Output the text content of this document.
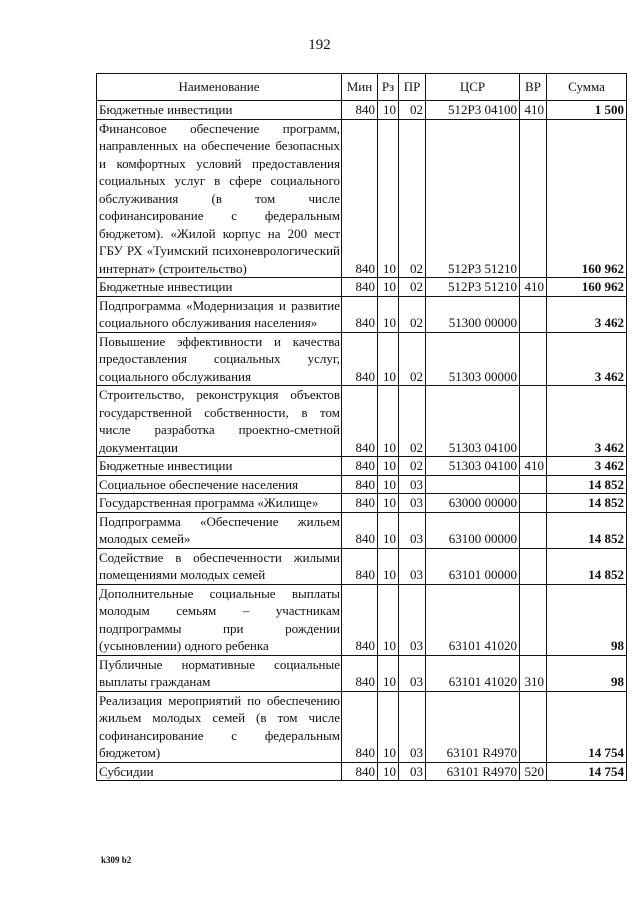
192
Наименование	Мин	Рз	ПР	ЦСР	ВР	Сумма
Бюджетные инвестиции	840	10	02	512P3 04100	410	1 500
Финансовое обеспечение программ, направленных на обеспечение безопасных и комфортных условий предоставления социальных услуг в сфере социального обслуживания (в том числе софинансирование с федеральным бюджетом). «Жилой корпус на 200 мест ГБУ РХ «Туимский психоневрологический интернат» (строительство)	840	10	02	512P3 51210		160 962
Бюджетные инвестиции	840	10	02	512P3 51210	410	160 962
Подпрограмма «Модернизация и развитие социального обслуживания населения»	840	10	02	51300 00000		3 462
Повышение эффективности и качества предоставления социальных услуг, социального обслуживания	840	10	02	51303 00000		3 462
Строительство, реконструкция объектов государственной собственности, в том числе разработка проектно-сметной документации	840	10	02	51303 04100		3 462
Бюджетные инвестиции	840	10	02	51303 04100	410	3 462
Социальное обеспечение населения	840	10	03			14 852
Государственная программа «Жилище»	840	10	03	63000 00000		14 852
Подпрограмма «Обеспечение жильем молодых семей»	840	10	03	63100 00000		14 852
Содействие в обеспеченности жилыми помещениями молодых семей	840	10	03	63101 00000		14 852
Дополнительные социальные выплаты молодым семьям – участникам подпрограммы при рождении (усыновлении) одного ребенка	840	10	03	63101 41020		98
Публичные нормативные социальные выплаты гражданам	840	10	03	63101 41020	310	98
Реализация мероприятий по обеспечению жильем молодых семей (в том числе софинансирование с федеральным бюджетом)	840	10	03	63101 R4970		14 754
Субсидии	840	10	03	63101 R4970	520	14 754
k309 b2
